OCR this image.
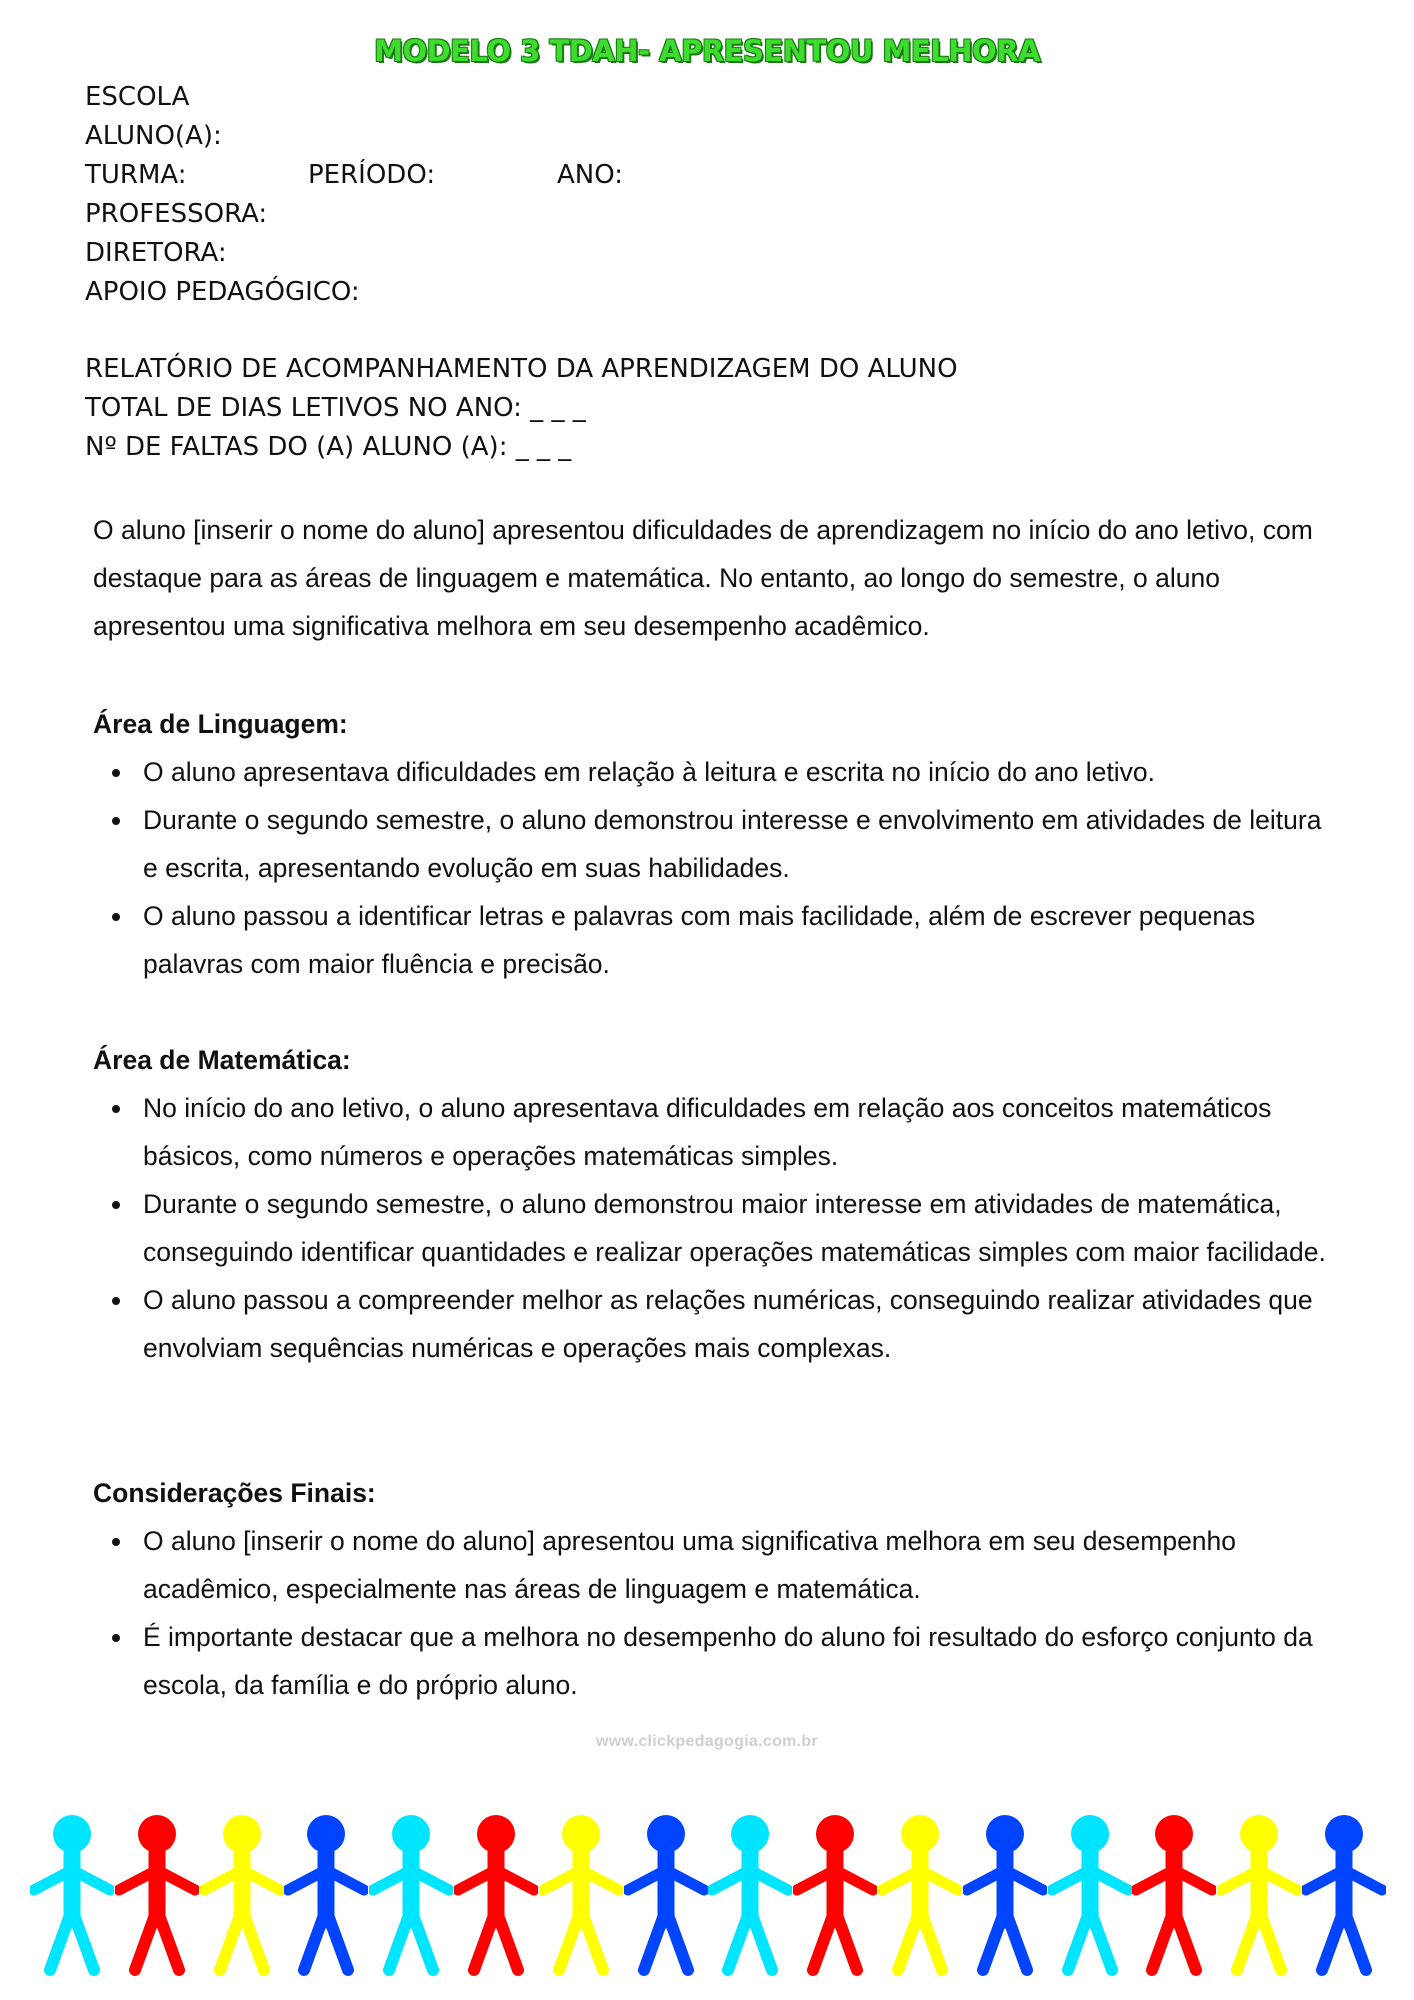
MODELO 3 TDAH- APRESENTOU MELHORA
ESCOLA
ALUNO(A):
TURMA:	PERÍODO:	ANO:
PROFESSORA:
DIRETORA:
APOIO PEDAGÓGICO:
RELATÓRIO DE ACOMPANHAMENTO DA APRENDIZAGEM DO ALUNO
TOTAL DE DIAS LETIVOS NO ANO: _ _ _
Nº DE FALTAS DO (A) ALUNO (A): _ _ _

O aluno [inserir o nome do aluno] apresentou dificuldades de aprendizagem no início do ano letivo, com destaque para as áreas de linguagem e matemática. No entanto, ao longo do semestre, o aluno apresentou uma significativa melhora em seu desempenho acadêmico.

Área de Linguagem:
O aluno apresentava dificuldades em relação à leitura e escrita no início do ano letivo.
Durante o segundo semestre, o aluno demonstrou interesse e envolvimento em atividades de leitura e escrita, apresentando evolução em suas habilidades.
O aluno passou a identificar letras e palavras com mais facilidade, além de escrever pequenas palavras com maior fluência e precisão.
Área de Matemática:
No início do ano letivo, o aluno apresentava dificuldades em relação aos conceitos matemáticos básicos, como números e operações matemáticas simples.
Durante o segundo semestre, o aluno demonstrou maior interesse em atividades de matemática, conseguindo identificar quantidades e realizar operações matemáticas simples com maior facilidade.
O aluno passou a compreender melhor as relações numéricas, conseguindo realizar atividades que envolviam sequências numéricas e operações mais complexas.
Considerações Finais:
O aluno [inserir o nome do aluno] apresentou uma significativa melhora em seu desempenho acadêmico, especialmente nas áreas de linguagem e matemática.
É importante destacar que a melhora no desempenho do aluno foi resultado do esforço conjunto da escola, da família e do próprio aluno.
www.clickpedagogia.com.br
